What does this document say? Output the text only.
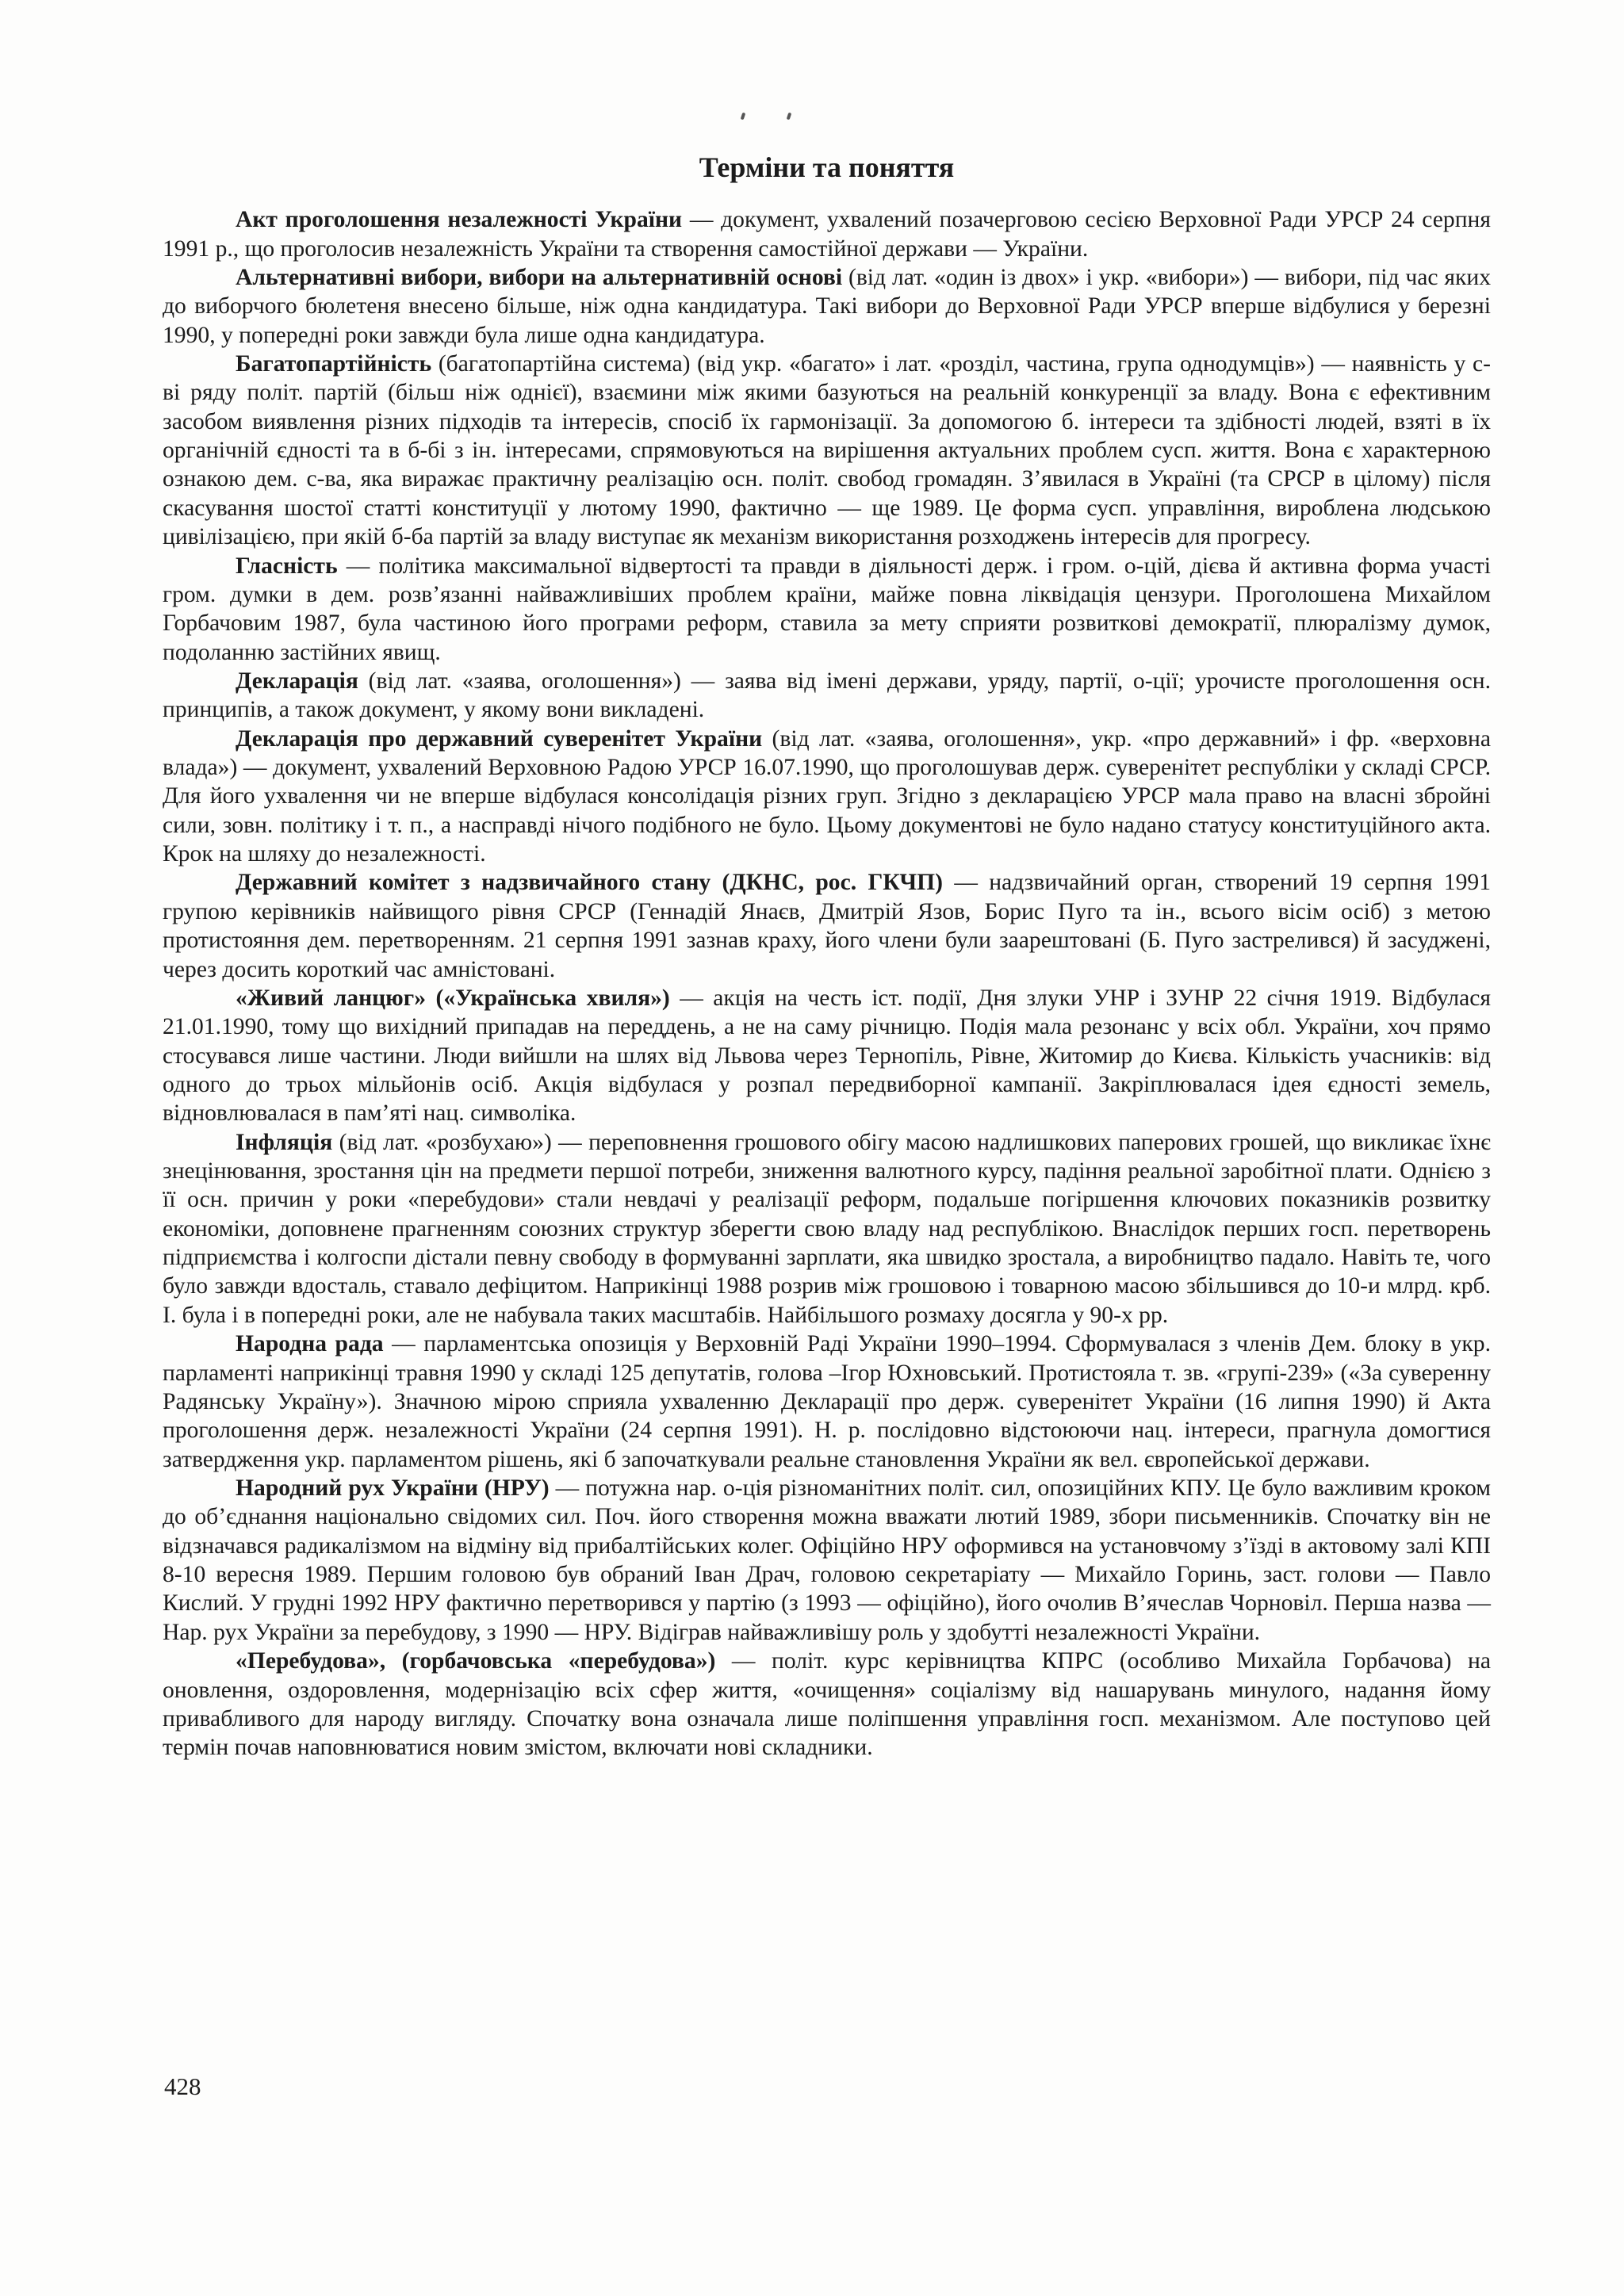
Терміни та поняття

Акт проголошення незалежності України — документ, ухвалений позачерговою сесією Верховної Ради УРСР 24 серпня 1991 р., що проголосив незалежність України та створення самостійної держави — України.

Альтернативні вибори, вибори на альтернативній основі (від лат. «один із двох» і укр. «вибори») — вибори, під час яких до виборчого бюлетеня внесено більше, ніж одна кандидатура. Такі вибори до Верховної Ради УРСР вперше відбулися у березні 1990, у попередні роки завжди була лише одна кандидатура.

Багатопартійність (багатопартійна система) (від укр. «багато» і лат. «розділ, частина, група однодумців») — наявність у с-ві ряду політ. партій (більш ніж однієї), взаємини між якими базуються на реальній конкуренції за владу. Вона є ефективним засобом виявлення різних підходів та інтересів, спосіб їх гармонізації. За допомогою б. інтереси та здібності людей, взяті в їх органічній єдності та в б-бі з ін. інтересами, спрямовуються на вирішення актуальних проблем сусп. життя. Вона є характерною ознакою дем. с-ва, яка виражає практичну реалізацію осн. політ. свобод громадян. З’явилася в Україні (та СРСР в цілому) після скасування шостої статті конституції у лютому 1990, фактично — ще 1989. Це форма сусп. управління, вироблена людською цивілізацією, при якій б-ба партій за владу виступає як механізм використання розходжень інтересів для прогресу.

Гласність — політика максимальної відвертості та правди в діяльності держ. і гром. о-цій, дієва й активна форма участі гром. думки в дем. розв’язанні найважливіших проблем країни, майже повна ліквідація цензури. Проголошена Михайлом Горбачовим 1987, була частиною його програми реформ, ставила за мету сприяти розвиткові демократії, плюралізму думок, подоланню застійних явищ.

Декларація (від лат. «заява, оголошення») — заява від імені держави, уряду, партії, о-ції; урочисте проголошення осн. принципів, а також документ, у якому вони викладені.

Декларація про державний суверенітет України (від лат. «заява, оголошення», укр. «про державний» і фр. «верховна влада») — документ, ухвалений Верховною Радою УРСР 16.07.1990, що проголошував держ. суверенітет республіки у складі СРСР. Для його ухвалення чи не вперше відбулася консолідація різних груп. Згідно з декларацією УРСР мала право на власні збройні сили, зовн. політику і т. п., а насправді нічого подібного не було. Цьому документові не було надано статусу конституційного акта. Крок на шляху до незалежності.

Державний комітет з надзвичайного стану (ДКНС, рос. ГКЧП) — надзвичайний орган, створений 19 серпня 1991 групою керівників найвищого рівня СРСР (Геннадій Янаєв, Дмитрій Язов, Борис Пуго та ін., всього вісім осіб) з метою протистояння дем. перетворенням. 21 серпня 1991 зазнав краху, його члени були заарештовані (Б. Пуго застрелився) й засуджені, через досить короткий час амністовані.

«Живий ланцюг» («Українська хвиля») — акція на честь іст. події, Дня злуки УНР і ЗУНР 22 січня 1919. Відбулася 21.01.1990, тому що вихідний припадав на переддень, а не на саму річницю. Подія мала резонанс у всіх обл. України, хоч прямо стосувався лише частини. Люди вийшли на шлях від Львова через Тернопіль, Рівне, Житомир до Києва. Кількість учасників: від одного до трьох мільйонів осіб. Акція відбулася у розпал передвиборної кампанії. Закріплювалася ідея єдності земель, відновлювалася в пам’яті нац. символіка.

Інфляція (від лат. «розбухаю») — переповнення грошового обігу масою надлишкових паперових грошей, що викликає їхнє знецінювання, зростання цін на предмети першої потреби, зниження валютного курсу, падіння реальної заробітної плати. Однією з її осн. причин у роки «перебудови» стали невдачі у реалізації реформ, подальше погіршення ключових показників розвитку економіки, доповнене прагненням союзних структур зберегти свою владу над республікою. Внаслідок перших госп. перетворень підприємства і колгоспи дістали певну свободу в формуванні зарплати, яка швидко зростала, а виробництво падало. Навіть те, чого було завжди вдосталь, ставало дефіцитом. Наприкінці 1988 розрив між грошовою і товарною масою збільшився до 10-и млрд. крб. І. була і в попередні роки, але не набувала таких масштабів. Найбільшого розмаху досягла у 90-х рр.

Народна рада — парламентська опозиція у Верховній Раді України 1990–1994. Сформувалася з членів Дем. блоку в укр. парламенті наприкінці травня 1990 у складі 125 депутатів, голова –Ігор Юхновський. Протистояла т. зв. «групі-239» («За суверенну Радянську Україну»). Значною мірою сприяла ухваленню Декларації про держ. суверенітет України (16 липня 1990) й Акта проголошення держ. незалежності України (24 серпня 1991). Н. р. послідовно відстоюючи нац. інтереси, прагнула домогтися затвердження укр. парламентом рішень, які б започаткували реальне становлення України як вел. європейської держави.

Народний рух України (НРУ) — потужна нар. о-ція різноманітних політ. сил, опозиційних КПУ. Це було важливим кроком до об’єднання національно свідомих сил. Поч. його створення можна вважати лютий 1989, збори письменників. Спочатку він не відзначався радикалізмом на відміну від прибалтійських колег. Офіційно НРУ оформився на установчому з’їзді в актовому залі КПІ 8-10 вересня 1989. Першим головою був обраний Іван Драч, головою секретаріату — Михайло Горинь, заст. голови — Павло Кислий. У грудні 1992 НРУ фактично перетворився у партію (з 1993 — офіційно), його очолив В’ячеслав Чорновіл. Перша назва — Нар. рух України за перебудову, з 1990 — НРУ. Відіграв найважливішу роль у здобутті незалежності України.

«Перебудова», (горбачовська «перебудова») — політ. курс керівництва КПРС (особливо Михайла Горбачова) на оновлення, оздоровлення, модернізацію всіх сфер життя, «очищення» соціалізму від нашарувань минулого, надання йому привабливого для народу вигляду. Спочатку вона означала лише поліпшення управління госп. механізмом. Але поступово цей термін почав наповнюватися новим змістом, включати нові складники.

428
